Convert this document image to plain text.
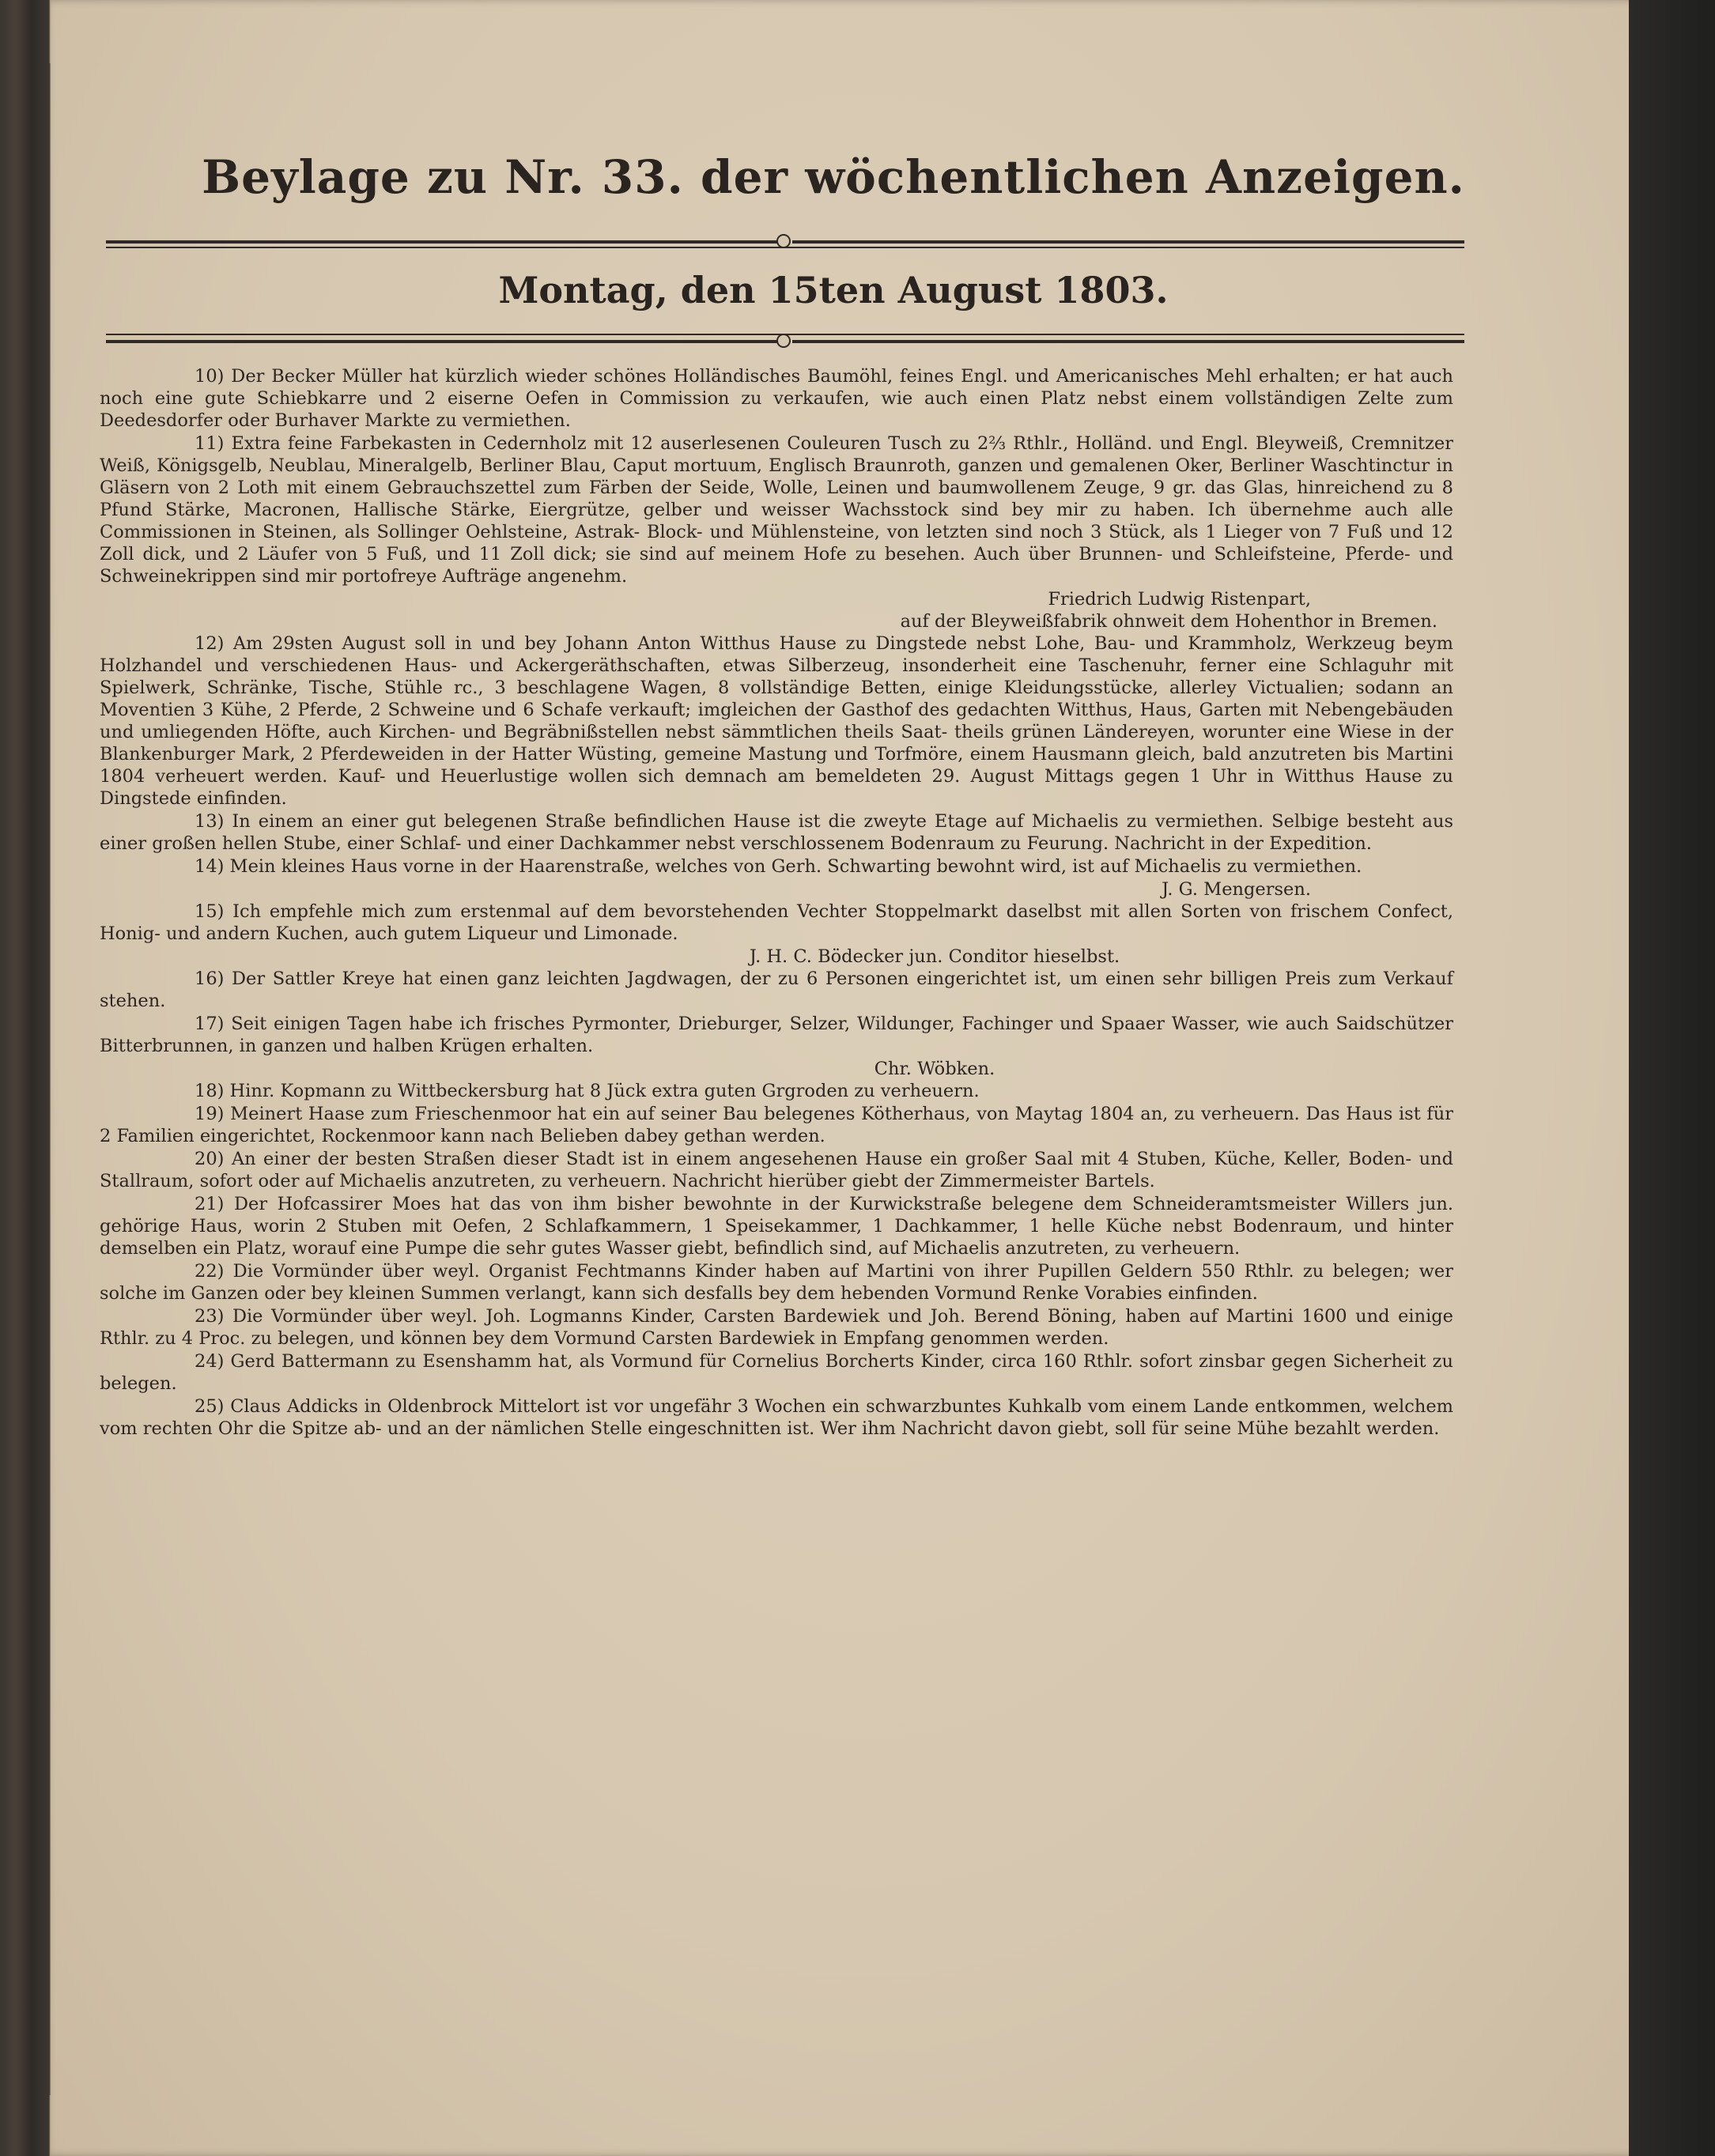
Beylage zu Nr. 33. der wöchentlichen Anzeigen.
Montag, den 15ten August 1803.

10) Der Becker Müller hat kürzlich wieder schönes Holländisches Baumöhl, feines Engl. und Americanisches Mehl erhalten; er hat auch noch eine gute Schiebkarre und 2 eiserne Oefen in Commission zu verkaufen, wie auch einen Platz nebst einem vollständigen Zelte zum Deedesdorfer oder Burhaver Markte zu vermiethen.

11) Extra feine Farbekasten in Cedernholz mit 12 auserlesenen Couleuren Tusch zu 2⅔ Rthlr., Holländ. und Engl. Bleyweiß, Cremnitzer Weiß, Königsgelb, Neublau, Mineralgelb, Berliner Blau, Caput mortuum, Englisch Braunroth, ganzen und gemalenen Oker, Berliner Waschtinctur in Gläsern von 2 Loth mit einem Gebrauchszettel zum Färben der Seide, Wolle, Leinen und baumwollenem Zeuge, 9 gr. das Glas, hinreichend zu 8 Pfund Stärke, Macronen, Hallische Stärke, Eiergrütze, gelber und weisser Wachsstock sind bey mir zu haben. Ich übernehme auch alle Commissionen in Steinen, als Sollinger Oehlsteine, Astrak- Block- und Mühlensteine, von letzten sind noch 3 Stück, als 1 Lieger von 7 Fuß und 12 Zoll dick, und 2 Läufer von 5 Fuß, und 11 Zoll dick; sie sind auf meinem Hofe zu besehen. Auch über Brunnen- und Schleifsteine, Pferde- und Schweinekrippen sind mir portofreye Aufträge angenehm.

Friedrich Ludwig Ristenpart,

auf der Bleyweißfabrik ohnweit dem Hohenthor in Bremen.

12) Am 29sten August soll in und bey Johann Anton Witthus Hause zu Dingstede nebst Lohe, Bau- und Krammholz, Werkzeug beym Holzhandel und verschiedenen Haus- und Ackergeräthschaften, etwas Silberzeug, insonderheit eine Taschenuhr, ferner eine Schlaguhr mit Spielwerk, Schränke, Tische, Stühle rc., 3 beschlagene Wagen, 8 vollständige Betten, einige Kleidungsstücke, allerley Victualien; sodann an Moventien 3 Kühe, 2 Pferde, 2 Schweine und 6 Schafe verkauft; imgleichen der Gasthof des gedachten Witthus, Haus, Garten mit Nebengebäuden und umliegenden Höfte, auch Kirchen- und Begräbnißstellen nebst sämmtlichen theils Saat- theils grünen Ländereyen, worunter eine Wiese in der Blankenburger Mark, 2 Pferdeweiden in der Hatter Wüsting, gemeine Mastung und Torfmöre, einem Hausmann gleich, bald anzutreten bis Martini 1804 verheuert werden. Kauf- und Heuerlustige wollen sich demnach am bemeldeten 29. August Mittags gegen 1 Uhr in Witthus Hause zu Dingstede einfinden.

13) In einem an einer gut belegenen Straße befindlichen Hause ist die zweyte Etage auf Michaelis zu vermiethen. Selbige besteht aus einer großen hellen Stube, einer Schlaf- und einer Dachkammer nebst verschlossenem Bodenraum zu Feurung. Nachricht in der Expedition.

14) Mein kleines Haus vorne in der Haarenstraße, welches von Gerh. Schwarting bewohnt wird, ist auf Michaelis zu vermiethen.

J. G. Mengersen.

15) Ich empfehle mich zum erstenmal auf dem bevorstehenden Vechter Stoppelmarkt daselbst mit allen Sorten von frischem Confect, Honig- und andern Kuchen, auch gutem Liqueur und Limonade.

J. H. C. Bödecker jun. Conditor hieselbst.

16) Der Sattler Kreye hat einen ganz leichten Jagdwagen, der zu 6 Personen eingerichtet ist, um einen sehr billigen Preis zum Verkauf stehen.

17) Seit einigen Tagen habe ich frisches Pyrmonter, Drieburger, Selzer, Wildunger, Fachinger und Spaaer Wasser, wie auch Saidschützer Bitterbrunnen, in ganzen und halben Krügen erhalten.

Chr. Wöbken.

18) Hinr. Kopmann zu Wittbeckersburg hat 8 Jück extra guten Grgroden zu verheuern.

19) Meinert Haase zum Frieschenmoor hat ein auf seiner Bau belegenes Kötherhaus, von Maytag 1804 an, zu verheuern. Das Haus ist für 2 Familien eingerichtet, Rockenmoor kann nach Belieben dabey gethan werden.

20) An einer der besten Straßen dieser Stadt ist in einem angesehenen Hause ein großer Saal mit 4 Stuben, Küche, Keller, Boden- und Stallraum, sofort oder auf Michaelis anzutreten, zu verheuern. Nachricht hierüber giebt der Zimmermeister Bartels.

21) Der Hofcassirer Moes hat das von ihm bisher bewohnte in der Kurwickstraße belegene dem Schneideramtsmeister Willers jun. gehörige Haus, worin 2 Stuben mit Oefen, 2 Schlafkammern, 1 Speisekammer, 1 Dachkammer, 1 helle Küche nebst Bodenraum, und hinter demselben ein Platz, worauf eine Pumpe die sehr gutes Wasser giebt, befindlich sind, auf Michaelis anzutreten, zu verheuern.

22) Die Vormünder über weyl. Organist Fechtmanns Kinder haben auf Martini von ihrer Pupillen Geldern 550 Rthlr. zu belegen; wer solche im Ganzen oder bey kleinen Summen verlangt, kann sich desfalls bey dem hebenden Vormund Renke Vorabies einfinden.

23) Die Vormünder über weyl. Joh. Logmanns Kinder, Carsten Bardewiek und Joh. Berend Böning, haben auf Martini 1600 und einige Rthlr. zu 4 Proc. zu belegen, und können bey dem Vormund Carsten Bardewiek in Empfang genommen werden.

24) Gerd Battermann zu Esenshamm hat, als Vormund für Cornelius Borcherts Kinder, circa 160 Rthlr. sofort zinsbar gegen Sicherheit zu belegen.

25) Claus Addicks in Oldenbrock Mittelort ist vor ungefähr 3 Wochen ein schwarzbuntes Kuhkalb vom einem Lande entkommen, welchem vom rechten Ohr die Spitze ab- und an der nämlichen Stelle eingeschnitten ist. Wer ihm Nachricht davon giebt, soll für seine Mühe bezahlt werden.
